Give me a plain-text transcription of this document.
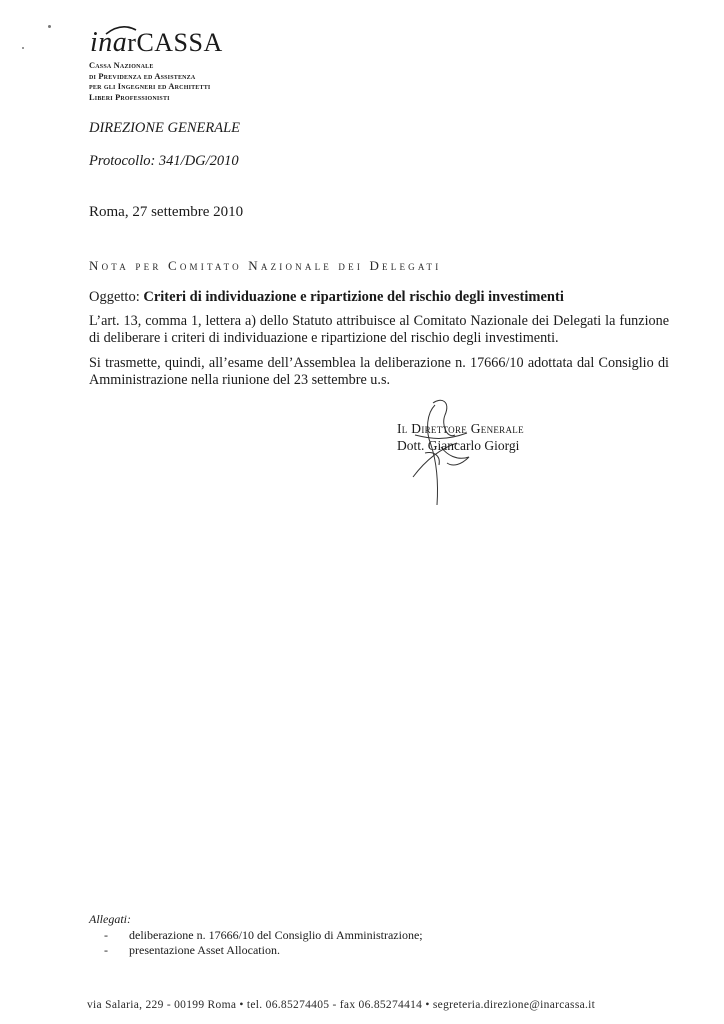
inarCASSA
Cassa Nazionale
di Previdenza ed Assistenza
per gli Ingegneri ed Architetti
Liberi Professionisti
DIREZIONE GENERALE
Protocollo: 341/DG/2010
Roma, 27 settembre 2010
Nota per Comitato Nazionale dei Delegati
Oggetto: Criteri di individuazione e ripartizione del rischio degli investimenti
L’art. 13, comma 1, lettera a) dello Statuto attribuisce al Comitato Nazionale dei Delegati la funzione di deliberare i criteri di individuazione e ripartizione del rischio degli investimenti.
Si trasmette, quindi, all’esame dell’Assemblea la deliberazione n. 17666/10 adottata dal Consiglio di Amministrazione nella riunione del 23 settembre u.s.
Il Direttore Generale
Dott. Giancarlo Giorgi
Allegati:
-	deliberazione n. 17666/10 del Consiglio di Amministrazione;
-	presentazione Asset Allocation.
via Salaria, 229 - 00199 Roma • tel. 06.85274405 - fax 06.85274414 • segreteria.direzione@inarcassa.it
